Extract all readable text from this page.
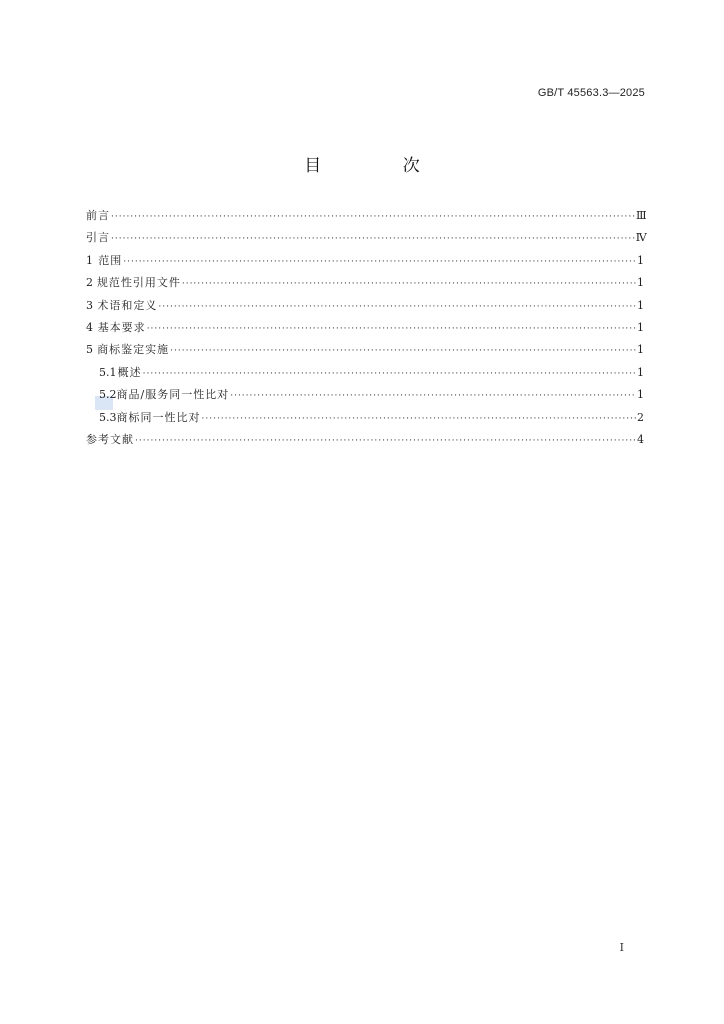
GB/T 45563.3—2025
目 次
前言 ·····	Ⅲ
引言 ·····	Ⅳ
1 范围 ·····	1
2 规范性引用文件 ·····	1
3 术语和定义 ·····	1
4 基本要求 ·····	1
5 商标鉴定实施 ·····	1
5.1 概述 ·····	1
5.2 商品/服务同一性比对 ·····	1
5.3 商标同一性比对 ·····	2
参考文献 ·····	4
I
